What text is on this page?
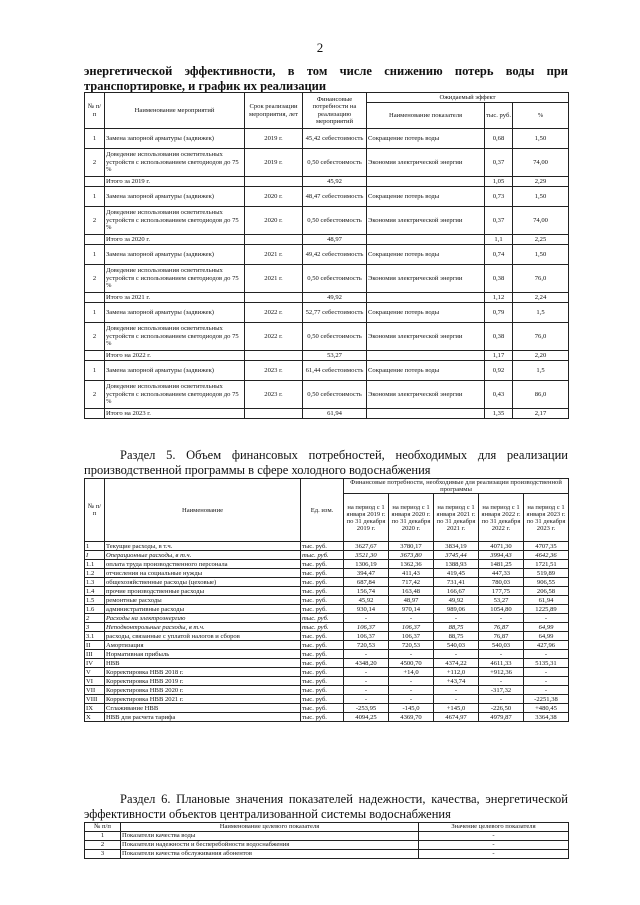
2
энергетической эффективности, в том числе снижению потерь воды при
транспортировке, и график их реализации
№ п/ п	Наименование мероприятий	Срок реализации мероприятия, лет	Финансовые потребности на реализацию мероприятий	Ожидаемый эффект		
				Наименование показателя	тыс. руб.	%
1	Замена запорной арматуры (задвижек)	2019 г.	45,42 себестоимость	Сокращение потерь воды	0,68	1,50
2	Доведение использования осветительных устройств с использованием светодиодов до 75 %	2019 г.	0,50 себестоимость	Экономия электрической энергии	0,37	74,00
	Итого за 2019 г.		45,92		1,05	2,29
1	Замена запорной арматуры (задвижек)	2020 г.	48,47 себестоимость	Сокращение потерь воды	0,73	1,50
2	Доведение использования осветительных устройств с использованием светодиодов до 75 %	2020 г.	0,50 себестоимость	Экономия электрической энергии	0,37	74,00
	Итого за 2020 г.		48,97		1,1	2,25
1	Замена запорной арматуры (задвижек)	2021 г.	49,42 себестоимость	Сокращение потерь воды	0,74	1,50
2	Доведение использования осветительных устройств с использованием светодиодов до 75 %	2021 г.	0,50 себестоимость	Экономия электрической энергии	0,38	76,0
	Итого за 2021 г.		49,92		1,12	2,24
1	Замена запорной арматуры (задвижек)	2022 г.	52,77 себестоимость	Сокращение потерь воды	0,79	1,5
2	Доведение использования осветительных устройств с использованием светодиодов до 75 %	2022 г.	0,50 себестоимость	Экономия электрической энергии	0,38	76,0
	Итого на 2022 г.		53,27		1,17	2,20
1	Замена запорной арматуры (задвижек)	2023 г.	61,44 себестоимость	Сокращение потерь воды	0,92	1,5
2	Доведение использования осветительных устройств с использованием светодиодов до 75 %	2023 г.	0,50 себестоимость	Экономия электрической энергии	0,43	86,0
	Итого на 2023 г.		61,94		1,35	2,17
Раздел 5. Объем финансовых потребностей, необходимых для реализации
производственной программы в сфере холодного водоснабжения
№ п/ п	Наименование	Ед. изм.	Финансовые потребности, необходимые для реализации производственной программы				
			на период с 1 января 2019 г. по 31 декабря 2019 г.	на период с 1 января 2020 г. по 31 декабря 2020 г.	на период с 1 января 2021 г. по 31 декабря 2021 г.	на период с 1 января 2022 г. по 31 декабря 2022 г.	на период с 1 января 2023 г. по 31 декабря 2023 г.
1	Текущие расходы, в т.ч.	тыс. руб.	3627,67	3780,17	3834,19	4071,30	4707,35
I	Операционные расходы, в т.ч.	тыс. руб.	3521,30	3673,80	3745,44	3994,43	4642,36
1.1	оплата труда производственного персонала	тыс. руб.	1306,19	1362,36	1388,93	1481,25	1721,51
1.2	отчисления на социальные нужды	тыс. руб.	394,47	411,43	419,45	447,33	519,89
1.3	общехозяйственные расходы (цеховые)	тыс. руб.	687,84	717,42	731,41	780,03	906,55
1.4	прочие производственные расходы	тыс. руб.	156,74	163,48	166,67	177,75	206,58
1.5	ремонтные расходы	тыс. руб.	45,92	48,97	49,92	53,27	61,94
1.6	административные расходы	тыс. руб.	930,14	970,14	989,06	1054,80	1225,89
2	Расходы на электроэнергию	тыс. руб.	-	-	-	-	-
3	Неподконтрольные расходы, в т.ч.	тыс. руб.	106,37	106,37	88,75	76,87	64,99
3.1	расходы, связанные с уплатой налогов и сборов	тыс. руб.	106,37	106,37	88,75	76,87	64,99
II	Амортизация	тыс. руб.	720,53	720,53	540,03	540,03	427,96
III	Нормативная прибыль	тыс. руб.	-	-	-	-	-
IV	НВВ	тыс. руб.	4348,20	4500,70	4374,22	4611,33	5135,31
V	Корректировка НВВ 2018 г.	тыс. руб.	-	+14,0	+112,0	+912,36	-
VI	Корректировка НВВ 2019 г.	тыс. руб.	-	-	+43,74	-	-
VII	Корректировка НВВ 2020 г.	тыс. руб.	-	-	-	-317,32	-
VIII	Корректировка НВВ 2021 г.	тыс. руб.	-	-	-	-	-2251,38
IX	Сглаживание НВВ	тыс. руб.	-253,95	-145,0	+145,0	-226,50	+480,45
X	НВВ для расчета тарифа	тыс. руб.	4094,25	4369,70	4674,97	4979,87	3364,38
Раздел 6. Плановые значения показателей надежности, качества, энергетической
эффективности объектов централизованной системы водоснабжения
№ п/п	Наименование целевого показателя	Значение целевого показателя
1	Показатели качества воды	-
2	Показатели надежности и бесперебойности водоснабжения	-
3	Показатели качества обслуживания абонентов	-
